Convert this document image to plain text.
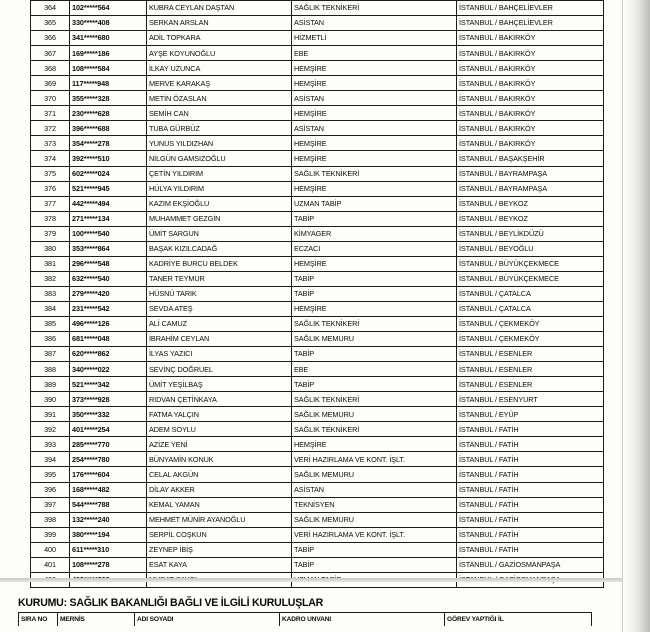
364	102*****564	KUBRA CEYLAN DAŞTAN	SAĞLIK TEKNİKERİ	İSTANBUL / BAHÇELİEVLER
365	330*****408	SERKAN ARSLAN	ASİSTAN	İSTANBUL / BAHÇELİEVLER
366	341*****680	ADİL TOPKARA	HİZMETLİ	İSTANBUL / BAKIRKÖY
367	169*****186	AYŞE KOYUNOĞLU	EBE	İSTANBUL / BAKIRKÖY
368	108*****584	İLKAY UZUNCA	HEMŞİRE	İSTANBUL / BAKIRKÖY
369	117*****948	MERVE KARAKAŞ	HEMŞİRE	İSTANBUL / BAKIRKÖY
370	355*****328	METİN ÖZASLAN	ASİSTAN	İSTANBUL / BAKIRKÖY
371	230*****628	SEMİH CAN	HEMŞİRE	İSTANBUL / BAKIRKÖY
372	396*****688	TUBA GÜRBÜZ	ASİSTAN	İSTANBUL / BAKIRKÖY
373	354*****278	YUNUS YILDIZHAN	HEMŞİRE	İSTANBUL / BAKIRKÖY
374	392*****510	NİLGÜN GAMSIZOĞLU	HEMŞİRE	İSTANBUL / BAŞAKŞEHİR
375	602*****024	ÇETİN YILDIRIM	SAĞLIK TEKNİKERİ	İSTANBUL / BAYRAMPAŞA
376	521*****945	HÜLYA YILDIRIM	HEMŞİRE	İSTANBUL / BAYRAMPAŞA
377	442*****494	KAZIM EKŞİOĞLU	UZMAN TABİP	İSTANBUL / BEYKOZ
378	271*****134	MUHAMMET GEZGİN	TABİP	İSTANBUL / BEYKOZ
379	100*****540	ÜMİT SARGUN	KİMYAGER	İSTANBUL / BEYLİKDÜZÜ
380	353*****864	BAŞAK KIZILCADAĞ	ECZACI	İSTANBUL / BEYOĞLU
381	296*****548	KADRİYE BURCU BELDEK	HEMŞİRE	İSTANBUL / BÜYÜKÇEKMECE
382	632*****540	TANER TEYMUR	TABİP	İSTANBUL / BÜYÜKÇEKMECE
383	279*****420	HÜSNÜ TARIK	TABİP	İSTANBUL / ÇATALCA
384	231*****542	SEVDA ATEŞ	HEMŞİRE	İSTANBUL / ÇATALCA
385	496*****126	ALİ CAMUZ	SAĞLIK TEKNİKERİ	İSTANBUL / ÇEKMEKÖY
386	681*****048	İBRAHİM CEYLAN	SAĞLIK MEMURU	İSTANBUL / ÇEKMEKÖY
387	620*****862	İLYAS YAZICI	TABİP	İSTANBUL / ESENLER
388	340*****022	SEVİNÇ DOĞRUEL	EBE	İSTANBUL / ESENLER
389	521*****342	ÜMİT YEŞİLBAŞ	TABİP	İSTANBUL / ESENLER
390	373*****928	RIDVAN ÇETİNKAYA	SAĞLIK TEKNİKERİ	İSTANBUL / ESENYURT
391	350*****332	FATMA YALÇIN	SAĞLIK MEMURU	İSTANBUL / EYÜP
392	401*****254	ADEM SOYLU	SAĞLIK TEKNİKERİ	İSTANBUL / FATİH
393	285*****770	AZİZE YENİ	HEMŞİRE	İSTANBUL / FATİH
394	254*****780	BÜNYAMİN KONUK	VERİ HAZIRLAMA VE KONT. İŞLT.	İSTANBUL / FATİH
395	176*****604	CELAL AKGÜN	SAĞLIK MEMURU	İSTANBUL / FATİH
396	168*****482	DİLAY AKKER	ASİSTAN	İSTANBUL / FATİH
397	544*****788	KEMAL YAMAN	TEKNİSYEN	İSTANBUL / FATİH
398	132*****240	MEHMET MÜNİR AYANOĞLU	SAĞLIK MEMURU	İSTANBUL / FATİH
399	380*****194	SERPİL COŞKUN	VERİ HAZIRLAMA VE KONT. İŞLT.	İSTANBUL / FATİH
400	611*****310	ZEYNEP İBİŞ	TABİP	İSTANBUL / FATİH
401	108*****278	ESAT KAYA	TABİP	İSTANBUL / GAZİOSMANPAŞA

KURUMU: SAĞLIK BAKANLIĞI BAĞLI VE İLGİLİ KURULUŞLAR
SIRA NO	MERNİS	ADI SOYADI	KADRO UNVANI	GÖREV YAPTIĞI İL
